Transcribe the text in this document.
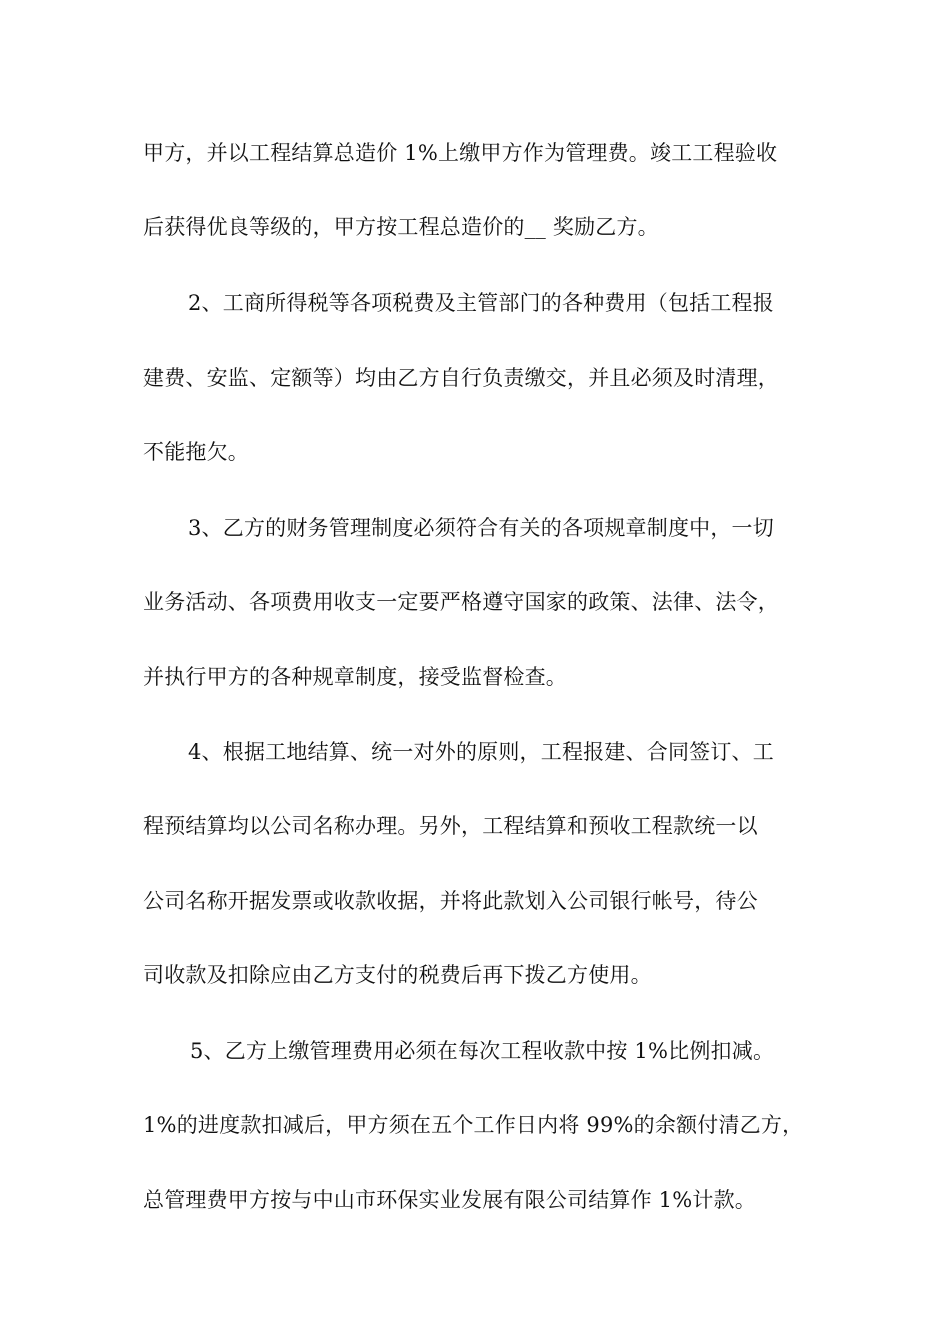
甲方，并以工程结算总造价 1%上缴甲方作为管理费。竣工工程验收
后获得优良等级的，甲方按工程总造价的__ 奖励乙方。
2、工商所得税等各项税费及主管部门的各种费用（包括工程报
建费、安监、定额等）均由乙方自行负责缴交，并且必须及时清理，
不能拖欠。
3、乙方的财务管理制度必须符合有关的各项规章制度中，一切
业务活动、各项费用收支一定要严格遵守国家的政策、法律、法令，
并执行甲方的各种规章制度，接受监督检查。
4、根据工地结算、统一对外的原则，工程报建、合同签订、工
程预结算均以公司名称办理。另外，工程结算和预收工程款统一以
公司名称开据发票或收款收据，并将此款划入公司银行帐号，待公
司收款及扣除应由乙方支付的税费后再下拨乙方使用。
5、乙方上缴管理费用必须在每次工程收款中按 1%比例扣减。
1%的进度款扣减后，甲方须在五个工作日内将 99%的余额付清乙方，
总管理费甲方按与中山市环保实业发展有限公司结算作 1%计款。
